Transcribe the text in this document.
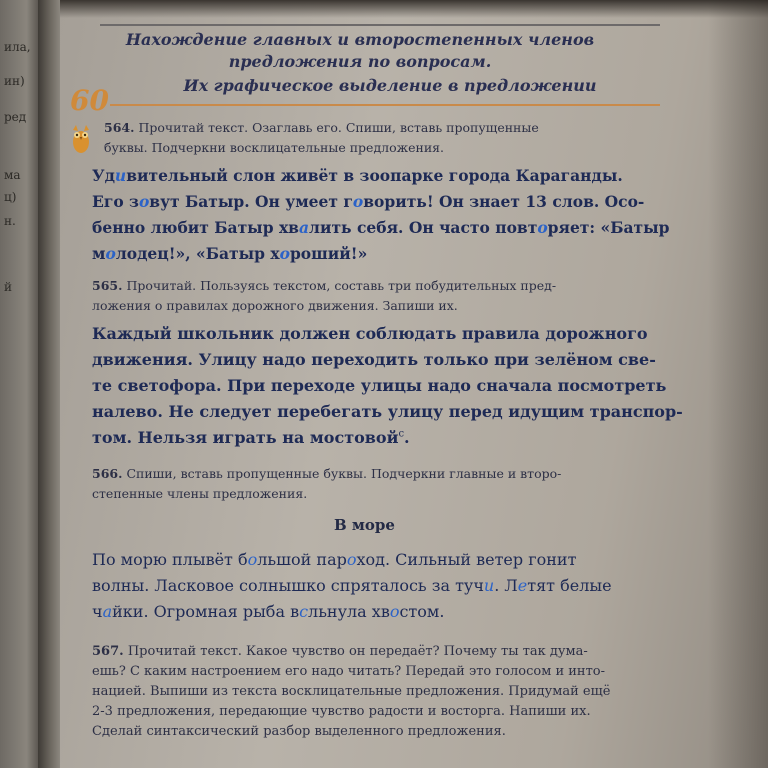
ила,
ин)
ред
ма
ц)
н.
й
Нахождение главных и второстепенных членов
предложения по вопросам.
Их графическое выделение в предложении
60
564. Прочитай текст. Озаглавь его. Спиши, вставь пропущенные
буквы. Подчеркни восклицательные предложения.
Удивительный слон живёт в зоопарке города Караганды.
Его зовут Батыр. Он умеет говорить! Он знает 13 слов. Осо-
бенно любит Батыр хвалить себя. Он часто повторяет: «Батыр
молодец!», «Батыр хороший!»
565. Прочитай. Пользуясь текстом, составь три побудительных пред-
ложения о правилах дорожного движения. Запиши их.
Каждый школьник должен соблюдать правила дорожного
движения. Улицу надо переходить только при зелёном све-
те светофора. При переходе улицы надо сначала посмотреть
налево. Не следует перебегать улицу перед идущим транспор-
том. Нельзя играть на мостовой$^с$.
566. Спиши, вставь пропущенные буквы. Подчеркни главные и второ-
степенные члены предложения.
В море
По морю плывёт большой пароход. Сильный ветер гонит
волны. Ласковое солнышко спряталось за тучи. Летят белые
чайки. Огромная рыба всльнула хвостом.
567. Прочитай текст. Какое чувство он передаёт? Почему ты так дума-
ешь? С каким настроением его надо читать? Передай это голосом и инто-
нацией. Выпиши из текста восклицательные предложения. Придумай ещё
2-3 предложения, передающие чувство радости и восторга. Напиши их.
Сделай синтаксический разбор выделенного предложения.
